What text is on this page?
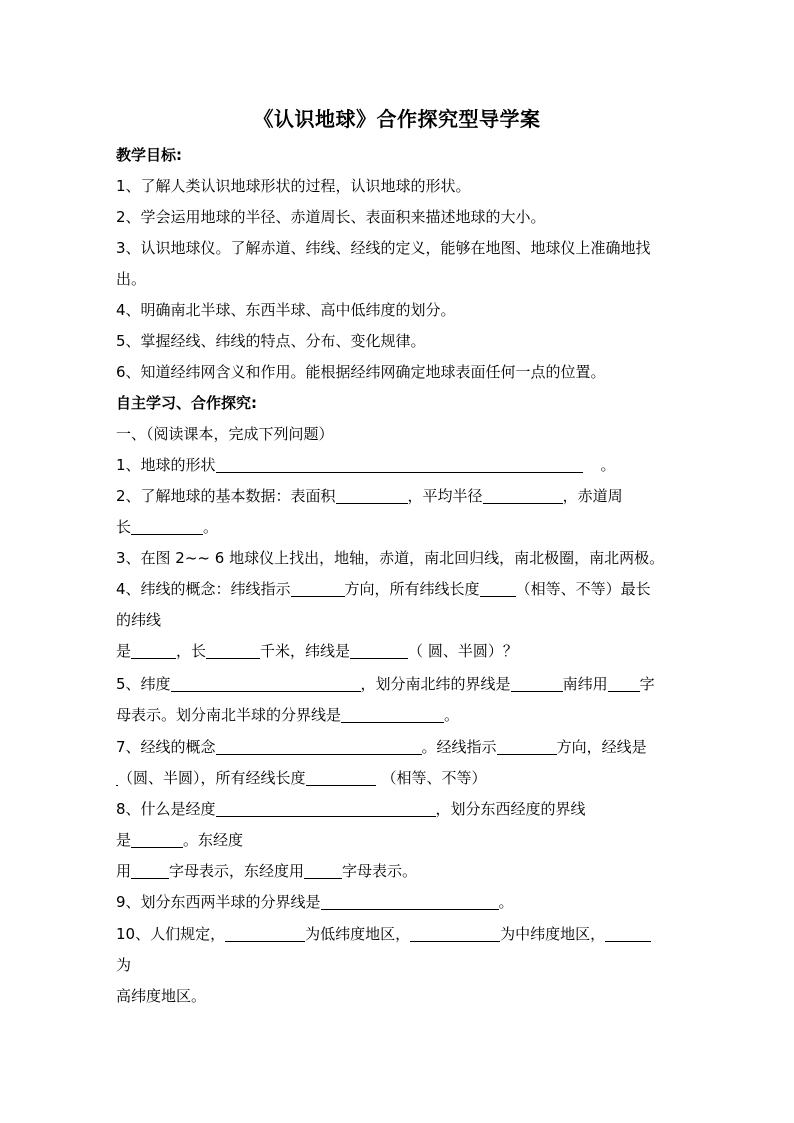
《认识地球》合作探究型导学案
教学目标:
1、了解人类认识地球形状的过程，认识地球的形状。
2、学会运用地球的半径、赤道周长、表面积来描述地球的大小。
3、认识地球仪。了解赤道、纬线、经线的定义，能够在地图、地球仪上准确地找
出。
4、明确南北半球、东西半球、高中低纬度的划分。
5、掌握经线、纬线的特点、分布、变化规律。
6、知道经纬网含义和作用。能根据经纬网确定地球表面任何一点的位置。
自主学习、合作探究:
一、（阅读课本，完成下列问题）
1、地球的形状	。
2、了解地球的基本数据：表面积	，平均半径	，赤道周
长	。
3、在图 2~~ 6 地球仪上找出，地轴，赤道，南北回归线，南北极圈，南北两极。
4、纬线的概念：纬线指示	方向，所有纬线长度 （相等、不等）最长
的纬线
是	，长	千米，纬线是	（ 圆、半圆）？
5、纬度	，划分南北纬的界线是	南纬用 字
母表示。划分南北半球的分界线是	。
7、经线的概念	。经线指示	方向，经线是
（圆、半圆），所有经线长度	（相等、不等）
8、什么是经度	，划分东西经度的界线
是	。东经度
用	字母表示，东经度用	字母表示。
9、划分东西两半球的分界线是	。
10、人们规定，	为低纬度地区，	为中纬度地区，
为
高纬度地区。
